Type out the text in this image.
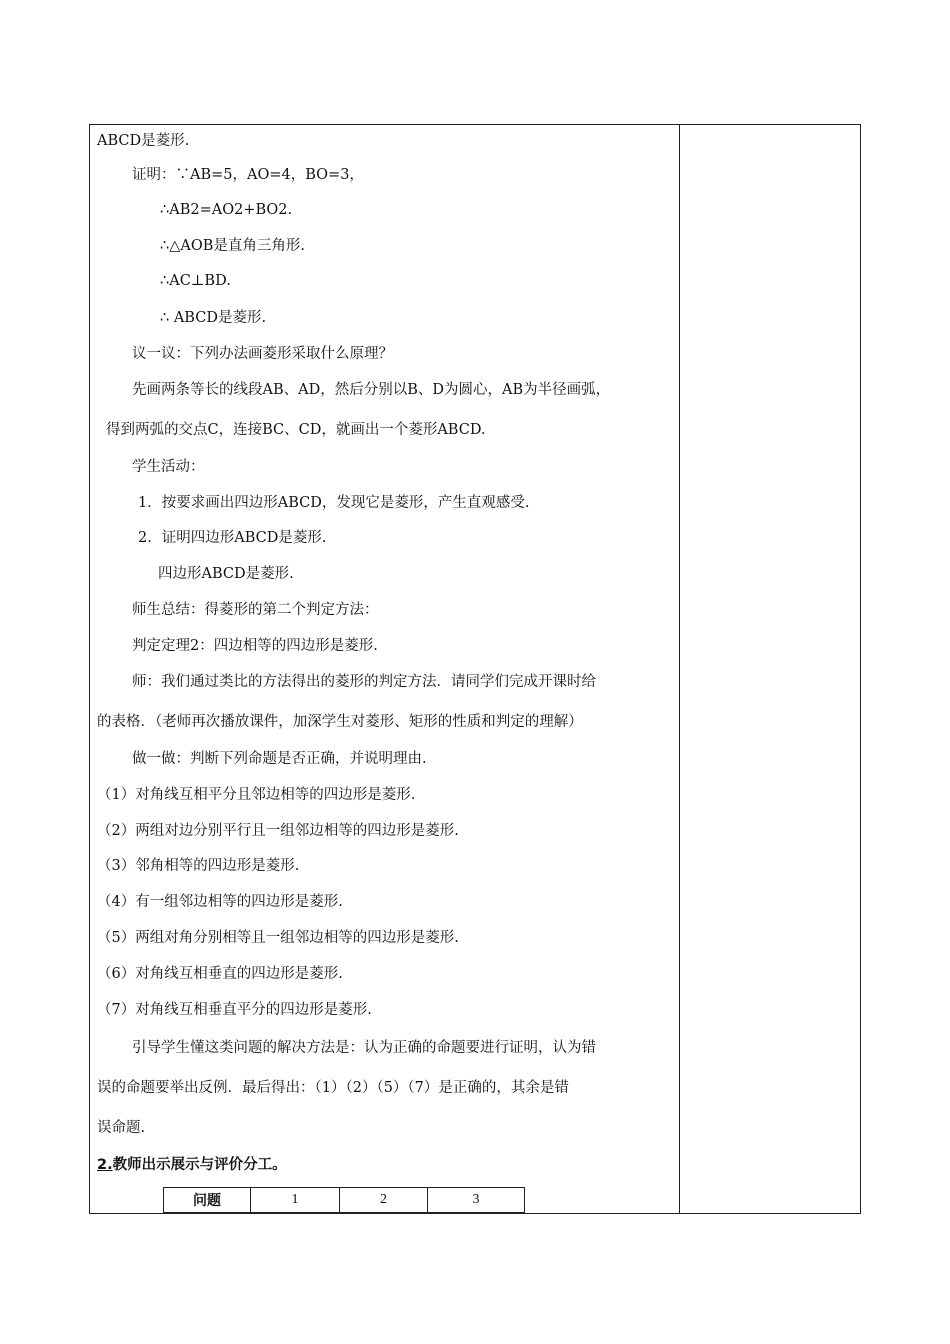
ABCD是菱形.
证明：∵AB=5，AO=4，BO=3，
∴AB2=AO2+BO2.
∴△AOB是直角三角形.
∴AC⊥BD.
∴ ABCD是菱形.
议一议：下列办法画菱形采取什么原理？
先画两条等长的线段AB、AD，然后分别以B、D为圆心，AB为半径画弧，
得到两弧的交点C，连接BC、CD，就画出一个菱形ABCD.
学生活动：
1．按要求画出四边形ABCD，发现它是菱形，产生直观感受.
2．证明四边形ABCD是菱形.
四边形ABCD是菱形.
师生总结：得菱形的第二个判定方法：
判定定理2：四边相等的四边形是菱形.
师：我们通过类比的方法得出的菱形的判定方法．请同学们完成开课时给
的表格．（老师再次播放课件，加深学生对菱形、矩形的性质和判定的理解）
做一做：判断下列命题是否正确，并说明理由.
（1）对角线互相平分且邻边相等的四边形是菱形.
（2）两组对边分别平行且一组邻边相等的四边形是菱形.
（3）邻角相等的四边形是菱形.
（4）有一组邻边相等的四边形是菱形.
（5）两组对角分别相等且一组邻边相等的四边形是菱形.
（6）对角线互相垂直的四边形是菱形.
（7）对角线互相垂直平分的四边形是菱形.
引导学生懂这类问题的解决方法是：认为正确的命题要进行证明，认为错
误的命题要举出反例．最后得出：（1）（2）（5）（7）是正确的，其余是错
误命题.
2.教师出示展示与评价分工。
问题	1	2	3
